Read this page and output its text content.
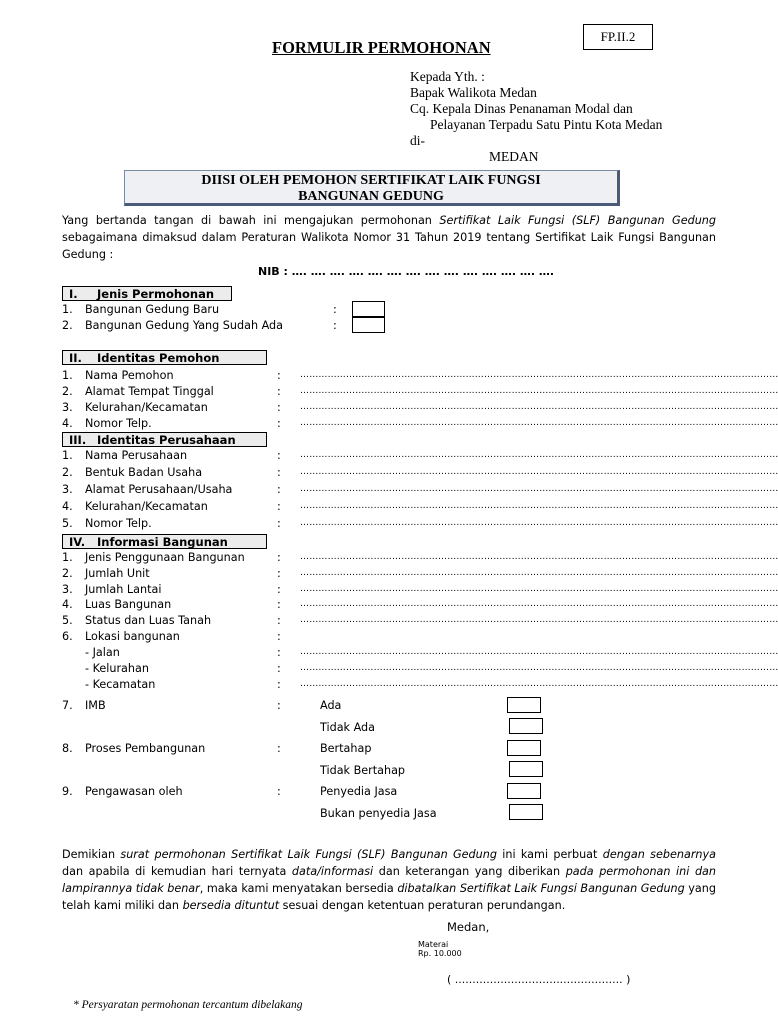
FP.II.2
FORMULIR PERMOHONAN
Kepada Yth. :
Bapak Walikota Medan
Cq. Kepala Dinas Penanaman Modal dan
Pelayanan Terpadu Satu Pintu Kota Medan
di-
MEDAN
DIISI OLEH PEMOHON SERTIFIKAT LAIK FUNGSI
BANGUNAN GEDUNG
Yang bertanda tangan di bawah ini mengajukan permohonan Sertifikat Laik Fungsi (SLF) Bangunan Gedung sebagaimana dimaksud dalam Peraturan Walikota Nomor 31 Tahun 2019 tentang Sertifikat Laik Fungsi Bangunan Gedung :
NIB : …. …. …. …. …. …. …. …. …. …. …. …. …. ….
I. Jenis Permohonan
1. Bangunan Gedung Baru	:
2. Bangunan Gedung Yang Sudah Ada	:
II. Identitas Pemohon
1. Nama Pemohon	: …………………………………………………………………………………………………………………………………………
2. Alamat Tempat Tinggal	: …………………………………………………………………………………………………………………………………………
3. Kelurahan/Kecamatan	: …………………………………………………………………………………………………………………………………………
4. Nomor Telp.	: …………………………………………………………………………………………………………………………………………
III. Identitas Perusahaan
1. Nama Perusahaan	: …………………………………………………………………………………………………………………………………………
2. Bentuk Badan Usaha	: …………………………………………………………………………………………………………………………………………
3. Alamat Perusahaan/Usaha	: …………………………………………………………………………………………………………………………………………
4. Kelurahan/Kecamatan	: …………………………………………………………………………………………………………………………………………
5. Nomor Telp.	: …………………………………………………………………………………………………………………………………………
IV. Informasi Bangunan
1. Jenis Penggunaan Bangunan	: …………………………………………………………………………………………………………………………………………
2. Jumlah Unit	: …………………………………………………………………………………………………………………………………………
3. Jumlah Lantai	: …………………………………………………………………………………………………………………………………………
4. Luas Bangunan	: …………………………………………………………………………………………………………………………………………
5. Status dan Luas Tanah	: …………………………………………………………………………………………………………………………………………
6. Lokasi bangunan	:
- Jalan	: …………………………………………………………………………………………………………………………………………
- Kelurahan	: …………………………………………………………………………………………………………………………………………
- Kecamatan	: …………………………………………………………………………………………………………………………………………
7. IMB	:	Ada
Tidak Ada
8. Proses Pembangunan	:	Bertahap
Tidak Bertahap
9. Pengawasan oleh	:	Penyedia Jasa
Bukan penyedia Jasa
Demikian surat permohonan Sertifikat Laik Fungsi (SLF) Bangunan Gedung ini kami perbuat dengan sebenarnya dan apabila di kemudian hari ternyata data/informasi dan keterangan yang diberikan pada permohonan ini dan lampirannya tidak benar, maka kami menyatakan bersedia dibatalkan Sertifikat Laik Fungsi Bangunan Gedung yang telah kami miliki dan bersedia dituntut sesuai dengan ketentuan peraturan perundangan.
Medan,
Materai
Rp. 10.000
( ................................................ )
* Persyaratan permohonan tercantum dibelakang
